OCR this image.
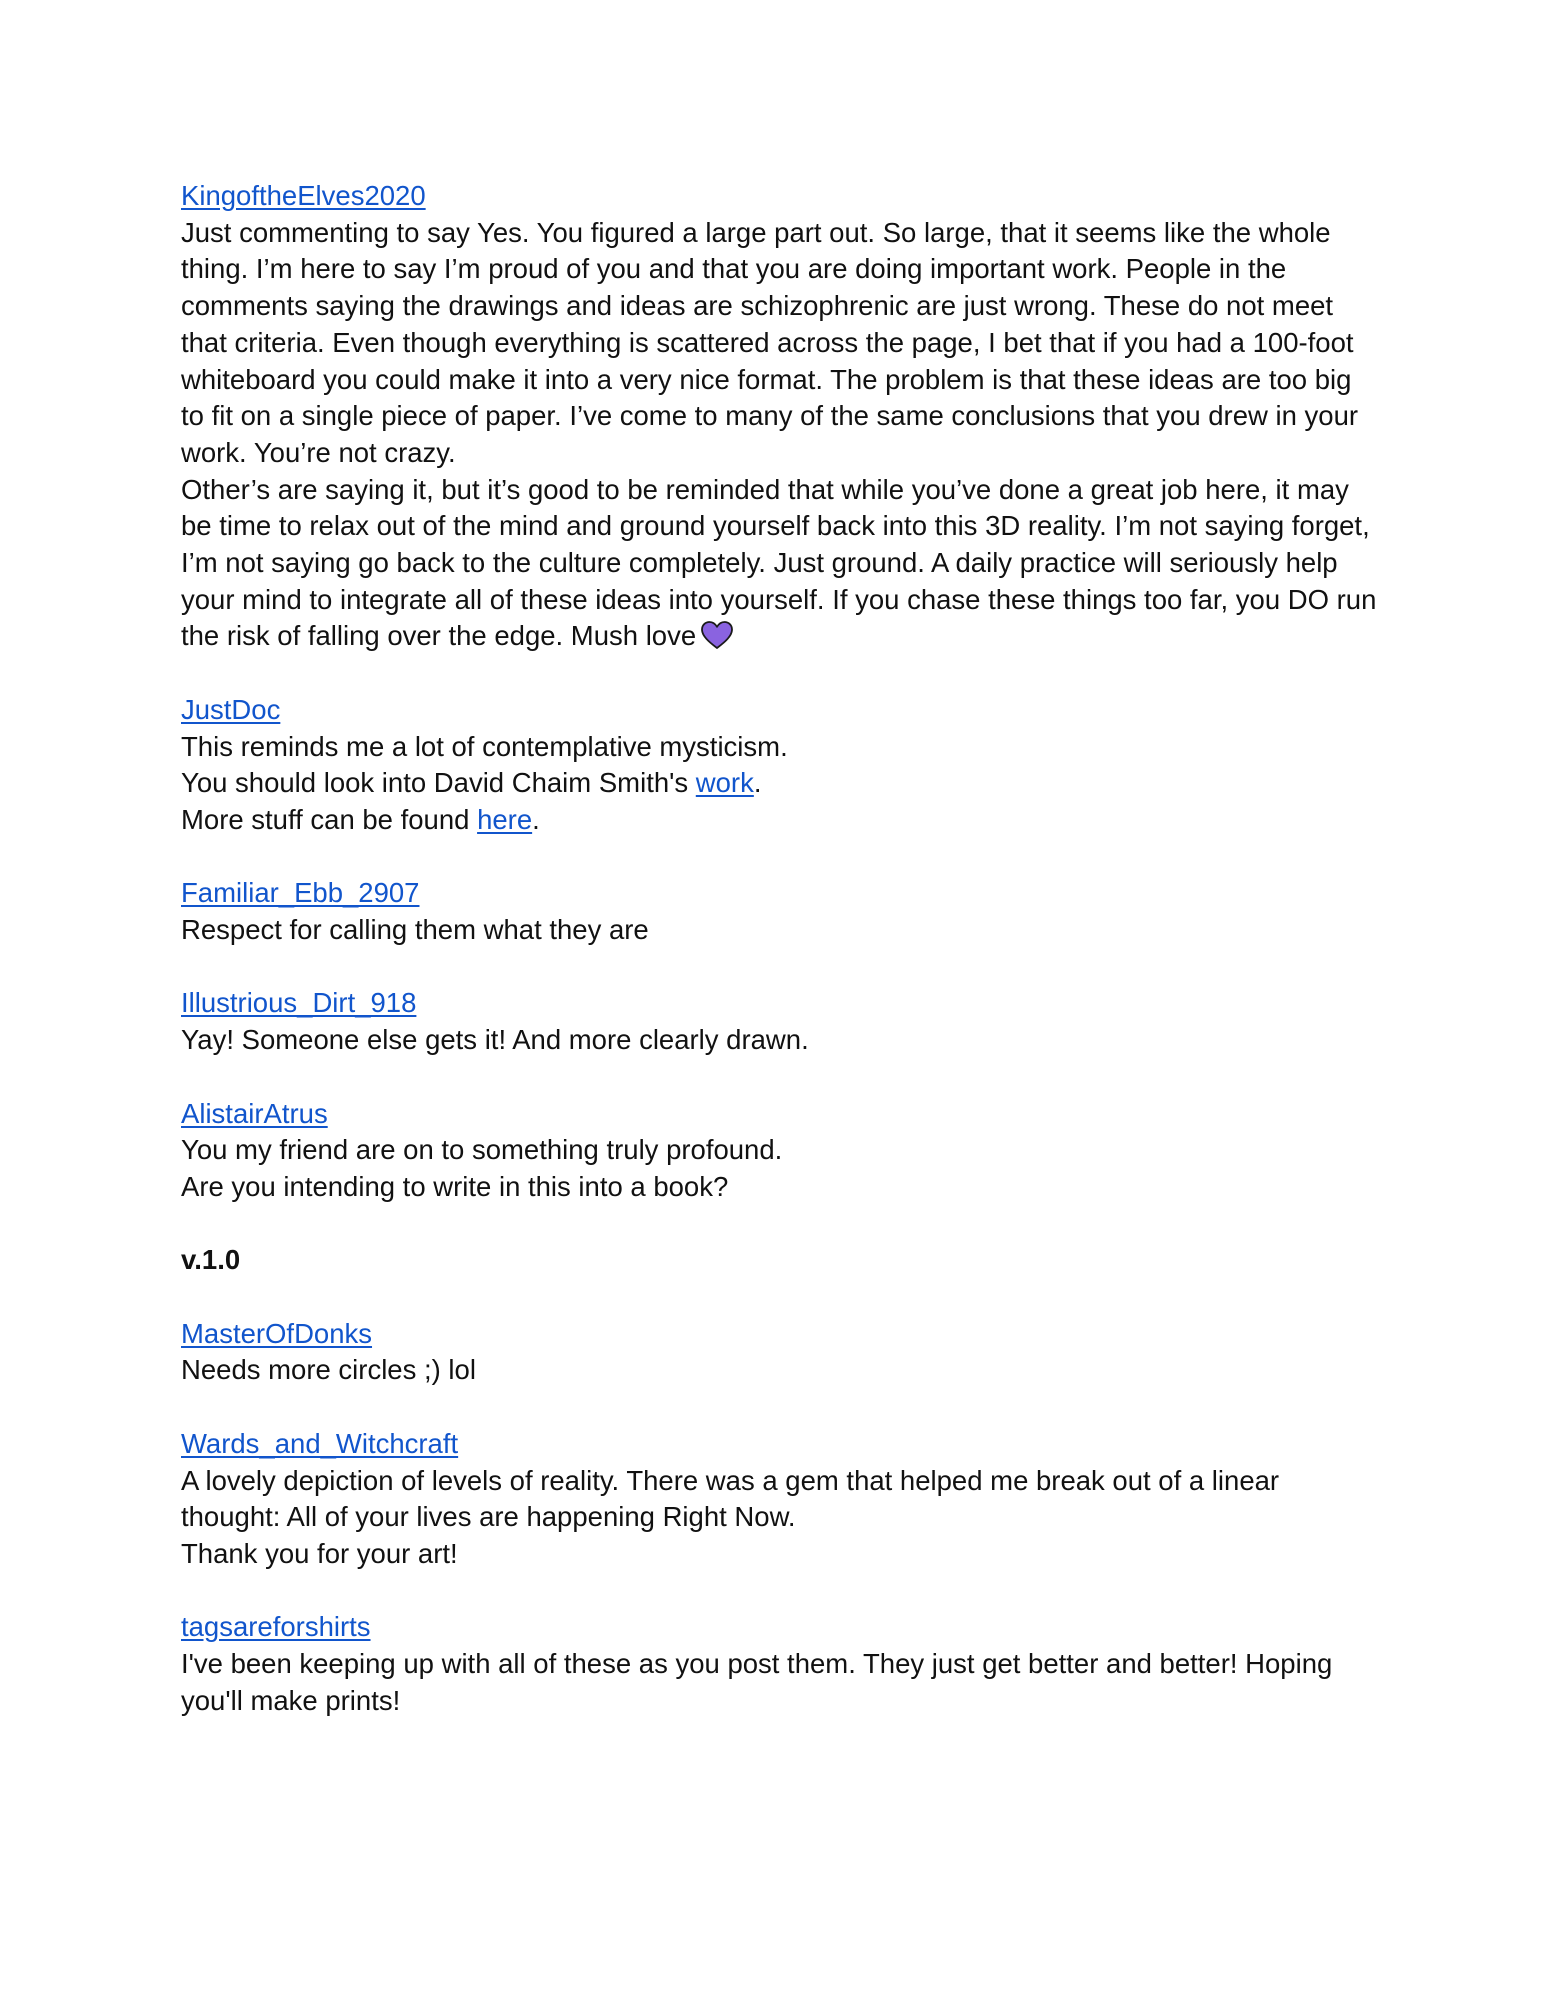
KingoftheElves2020
Just commenting to say Yes. You figured a large part out. So large, that it seems like the whole thing. I’m here to say I’m proud of you and that you are doing important work. People in the comments saying the drawings and ideas are schizophrenic are just wrong. These do not meet that criteria. Even though everything is scattered across the page, I bet that if you had a 100-foot whiteboard you could make it into a very nice format. The problem is that these ideas are too big to fit on a single piece of paper. I’ve come to many of the same conclusions that you drew in your work. You’re not crazy.
Other’s are saying it, but it’s good to be reminded that while you’ve done a great job here, it may be time to relax out of the mind and ground yourself back into this 3D reality. I’m not saying forget, I’m not saying go back to the culture completely. Just ground. A daily practice will seriously help your mind to integrate all of these ideas into yourself. If you chase these things too far, you DO run the risk of falling over the edge. Mush love
JustDoc
This reminds me a lot of contemplative mysticism.
You should look into David Chaim Smith's work.
More stuff can be found here.
Familiar_Ebb_2907
Respect for calling them what they are
Illustrious_Dirt_918
Yay! Someone else gets it! And more clearly drawn.
AlistairAtrus
You my friend are on to something truly profound.
Are you intending to write in this into a book?
v.1.0
MasterOfDonks
Needs more circles ;) lol
Wards_and_Witchcraft
A lovely depiction of levels of reality. There was a gem that helped me break out of a linear thought: All of your lives are happening Right Now.
Thank you for your art!
tagsareforshirts
I've been keeping up with all of these as you post them. They just get better and better! Hoping you'll make prints!
